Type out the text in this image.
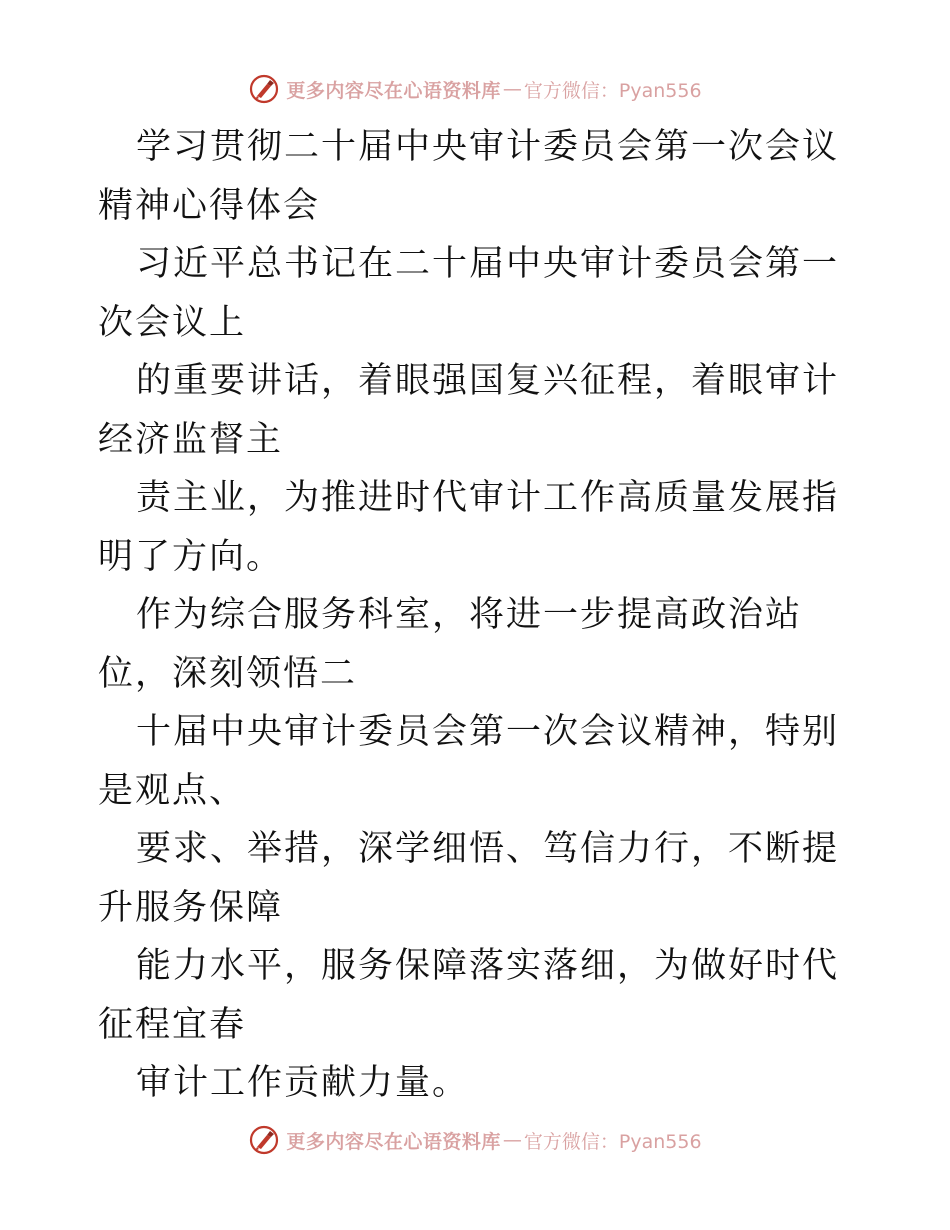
更多内容尽在心语资料库 — 官方微信：Pyan556

学习贯彻二十届中央审计委员会第一次会议精神心得体会

习近平总书记在二十届中央审计委员会第一次会议上

的重要讲话，着眼强国复兴征程，着眼审计经济监督主

责主业，为推进时代审计工作高质量发展指明了方向。

作为综合服务科室，将进一步提高政治站位，深刻领悟二

十届中央审计委员会第一次会议精神，特别是观点、

要求、举措，深学细悟、笃信力行，不断提升服务保障

能力水平，服务保障落实落细，为做好时代征程宜春

审计工作贡献力量。

更多内容尽在心语资料库 — 官方微信：Pyan556
